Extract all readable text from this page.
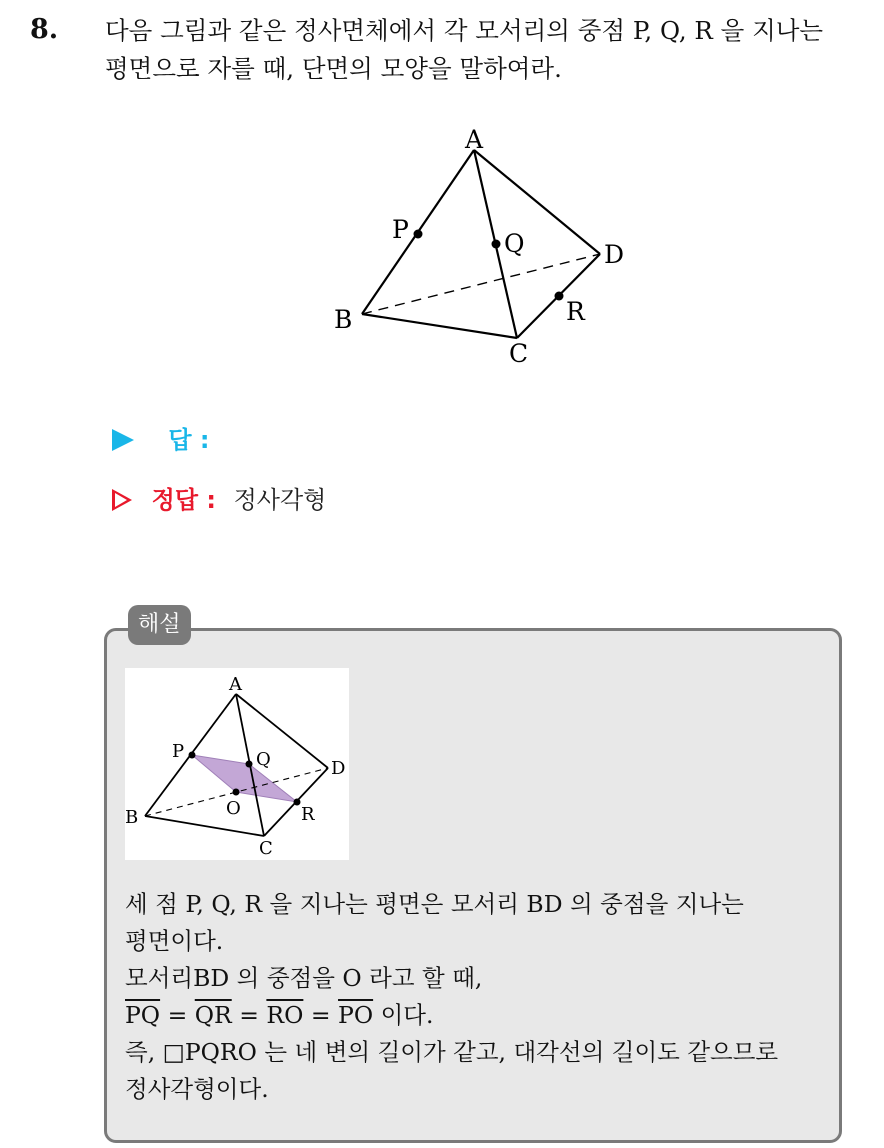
8. 다음 그림과 같은 정사면체에서 각 모서리의 중점 P, Q, R 을 지나는
평면으로 자를 때, 단면의 모양을 말하여라.
A
B
C
D
P	Q
R
답 :
정답 : 정사각형
해설
A
B
C
D
P	Q
R
O

세 점 P, Q, R 을 지나는 평면은 모서리 BD 의 중점을 지나는

평면이다.

모서리BD 의 중점을 O 라고 할 때,

$\overline{PQ} = \overline{QR} = \overline{RO} = \overline{PO}$ 이다.

즉, □PQRO 는 네 변의 길이가 같고, 대각선의 길이도 같으므로

정사각형이다.
